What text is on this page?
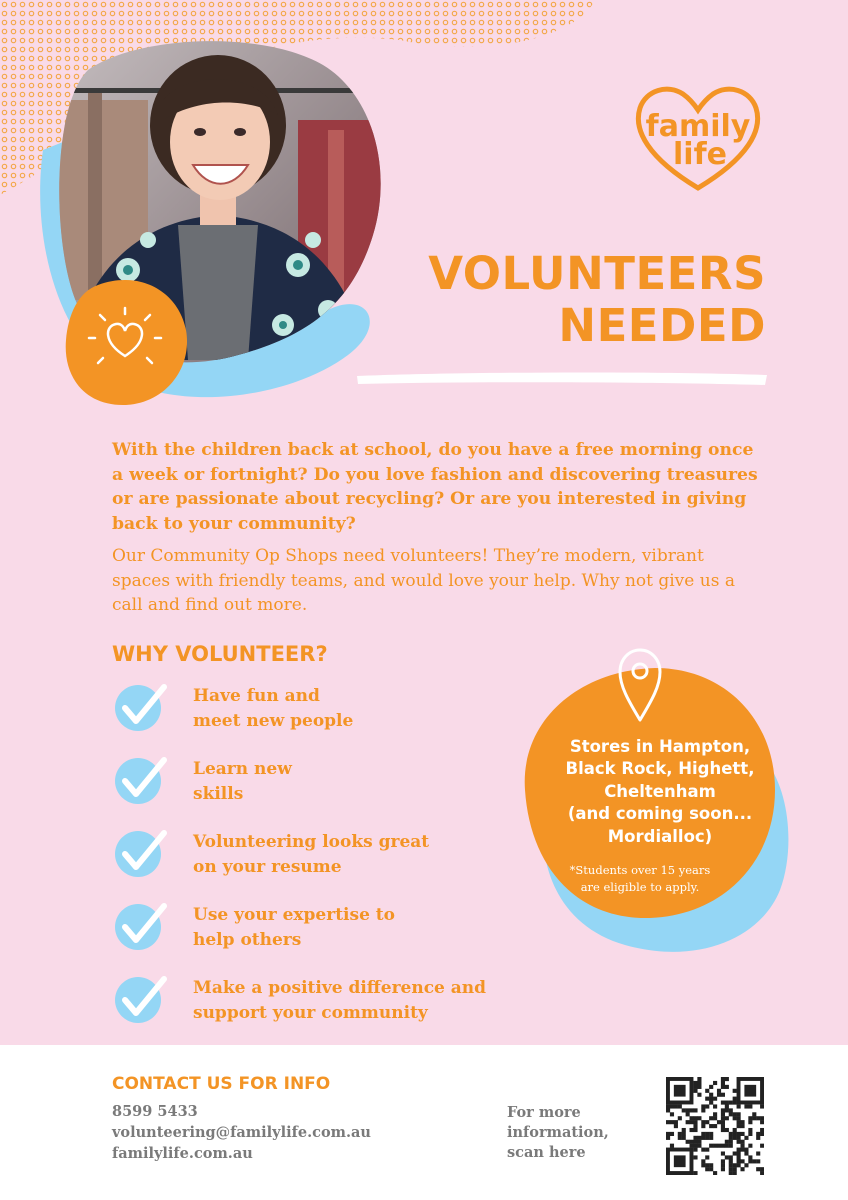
family
life
VOLUNTEERS
NEEDED

With the children back at school, do you have a free morning once a week or fortnight? Do you love fashion and discovering treasures or are passionate about recycling? Or are you interested in giving back to your community?

Our Community Op Shops need volunteers! They’re modern, vibrant spaces with friendly teams, and would love your help. Why not give us a call and find out more.

WHY VOLUNTEER?
Have fun and
meet new people
Learn new
skills
Volunteering looks great
on your resume
Use your expertise to
help others
Make a positive difference and
support your community
Stores in Hampton,
Black Rock, Highett,
Cheltenham
(and coming soon...
Mordialloc)
*Students over 15 years
are eligible to apply.
CONTACT US FOR INFO
8599 5433
volunteering@familylife.com.au
familylife.com.au
For more
information,
scan here
